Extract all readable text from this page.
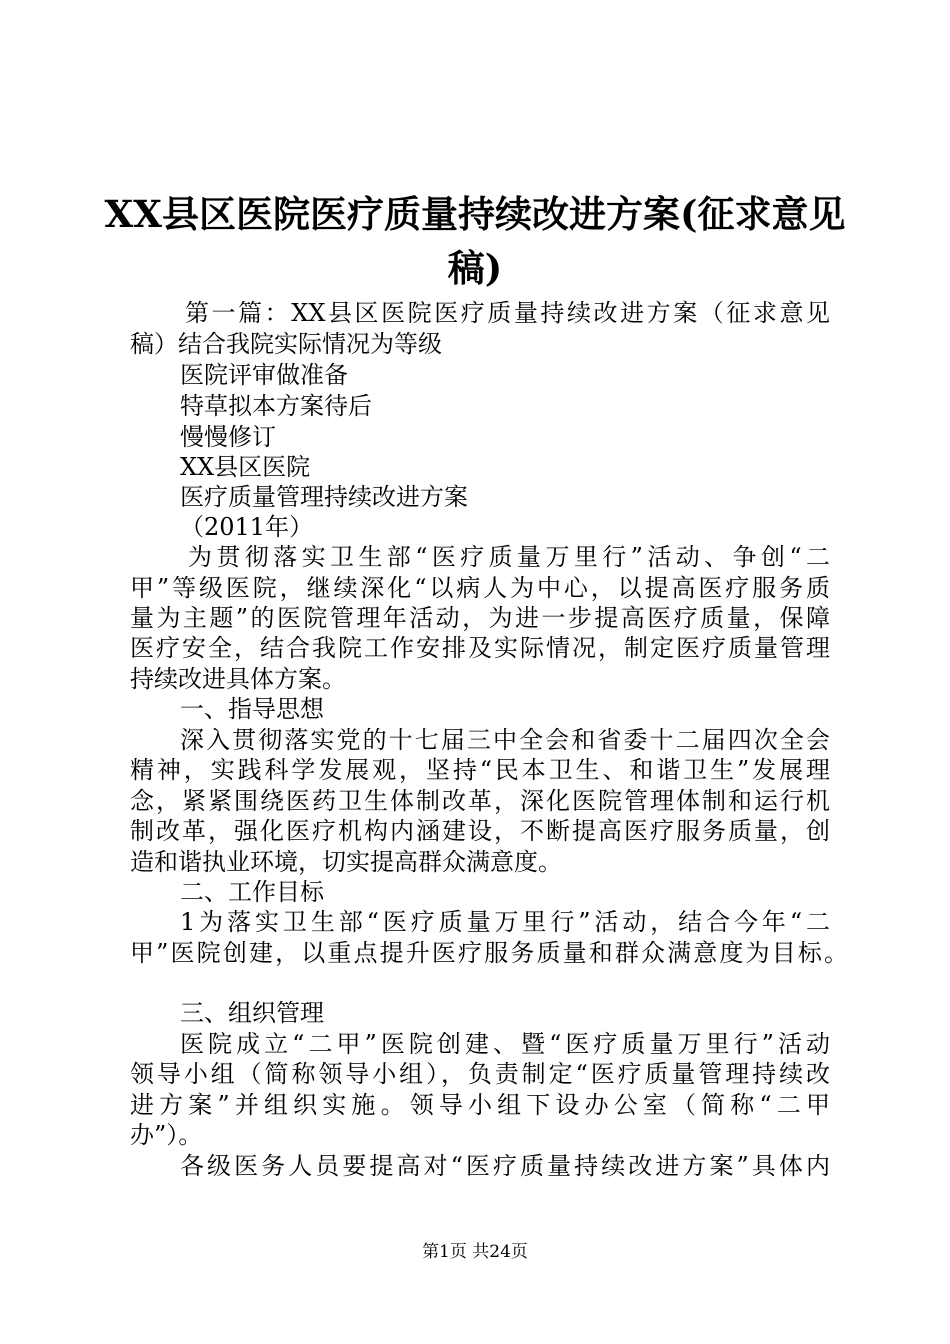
XX县区医院医疗质量持续改进方案(征求意见
稿)
第一篇：XX县区医院医疗质量持续改进方案（征求意见
稿）结合我院实际情况为等级
医院评审做准备
特草拟本方案待后
慢慢修订
XX县区医院
医疗质量管理持续改进方案
（2011年）
为贯彻落实卫生部“医疗质量万里行”活动、争创“二
甲”等级医院，继续深化“以病人为中心，以提高医疗服务质
量为主题”的医院管理年活动，为进一步提高医疗质量，保障
医疗安全，结合我院工作安排及实际情况，制定医疗质量管理
持续改进具体方案。
一、指导思想
深入贯彻落实党的十七届三中全会和省委十二届四次全会
精神，实践科学发展观，坚持“民本卫生、和谐卫生”发展理
念，紧紧围绕医药卫生体制改革，深化医院管理体制和运行机
制改革，强化医疗机构内涵建设，不断提高医疗服务质量，创
造和谐执业环境，切实提高群众满意度。
二、工作目标
1为落实卫生部“医疗质量万里行”活动，结合今年“二
甲”医院创建，以重点提升医疗服务质量和群众满意度为目标。
三、组织管理
医院成立“二甲”医院创建、暨“医疗质量万里行”活动
领导小组（简称领导小组），负责制定“医疗质量管理持续改
进方案”并组织实施。领导小组下设办公室（简称“二甲
办”）。
各级医务人员要提高对“医疗质量持续改进方案”具体内
第1页 共24页
